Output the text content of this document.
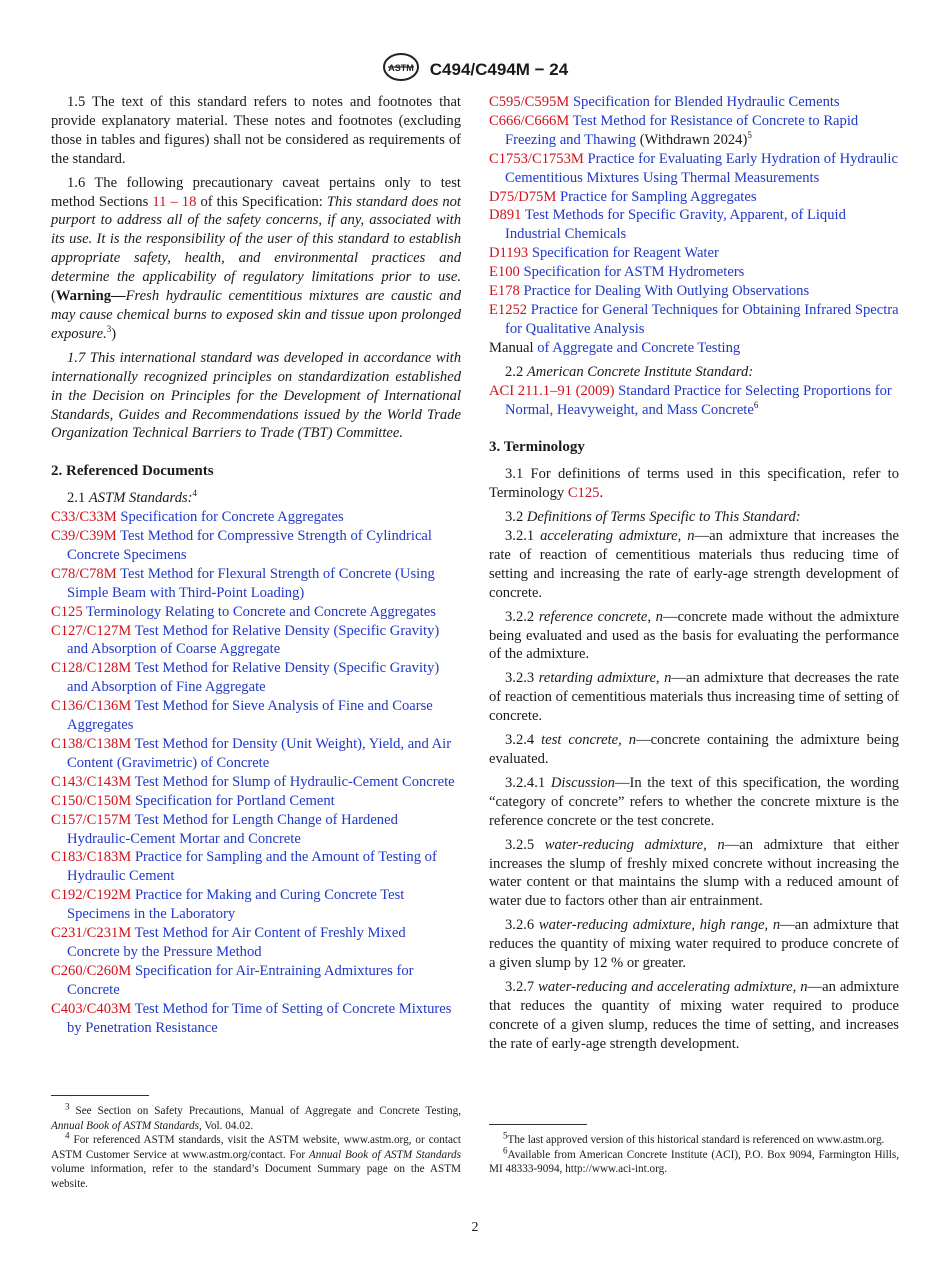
ASTM C494/C494M − 24

1.5 The text of this standard refers to notes and footnotes that provide explanatory material. These notes and footnotes (excluding those in tables and figures) shall not be considered as requirements of the standard.

1.6 The following precautionary caveat pertains only to test method Sections 11 – 18 of this Specification: This standard does not purport to address all of the safety concerns, if any, associated with its use. It is the responsibility of the user of this standard to establish appropriate safety, health, and environmental practices and determine the applicability of regulatory limitations prior to use. (Warning—Fresh hydraulic cementitious mixtures are caustic and may cause chemical burns to exposed skin and tissue upon prolonged exposure.$^3$)

1.7 This international standard was developed in accordance with internationally recognized principles on standardization established in the Decision on Principles for the Development of International Standards, Guides and Recommendations issued by the World Trade Organization Technical Barriers to Trade (TBT) Committee.

2. Referenced Documents

2.1 ASTM Standards:$^4$

C33/C33M Specification for Concrete Aggregates

C39/C39M Test Method for Compressive Strength of Cylindrical Concrete Specimens

C78/C78M Test Method for Flexural Strength of Concrete (Using Simple Beam with Third-Point Loading)

C125 Terminology Relating to Concrete and Concrete Aggregates

C127/C127M Test Method for Relative Density (Specific Gravity) and Absorption of Coarse Aggregate

C128/C128M Test Method for Relative Density (Specific Gravity) and Absorption of Fine Aggregate

C136/C136M Test Method for Sieve Analysis of Fine and Coarse Aggregates

C138/C138M Test Method for Density (Unit Weight), Yield, and Air Content (Gravimetric) of Concrete

C143/C143M Test Method for Slump of Hydraulic-Cement Concrete

C150/C150M Specification for Portland Cement

C157/C157M Test Method for Length Change of Hardened Hydraulic-Cement Mortar and Concrete

C183/C183M Practice for Sampling and the Amount of Testing of Hydraulic Cement

C192/C192M Practice for Making and Curing Concrete Test Specimens in the Laboratory

C231/C231M Test Method for Air Content of Freshly Mixed Concrete by the Pressure Method

C260/C260M Specification for Air-Entraining Admixtures for Concrete

C403/C403M Test Method for Time of Setting of Concrete Mixtures by Penetration Resistance

$^3$ See Section on Safety Precautions, Manual of Aggregate and Concrete Testing, Annual Book of ASTM Standards, Vol. 04.02.

$^4$ For referenced ASTM standards, visit the ASTM website, www.astm.org, or contact ASTM Customer Service at www.astm.org/contact. For Annual Book of ASTM Standards volume information, refer to the standard’s Document Summary page on the ASTM website.

C595/C595M Specification for Blended Hydraulic Cements

C666/C666M Test Method for Resistance of Concrete to Rapid Freezing and Thawing (Withdrawn 2024)$^5$

C1753/C1753M Practice for Evaluating Early Hydration of Hydraulic Cementitious Mixtures Using Thermal Measurements

D75/D75M Practice for Sampling Aggregates

D891 Test Methods for Specific Gravity, Apparent, of Liquid Industrial Chemicals

D1193 Specification for Reagent Water

E100 Specification for ASTM Hydrometers

E178 Practice for Dealing With Outlying Observations

E1252 Practice for General Techniques for Obtaining Infrared Spectra for Qualitative Analysis

Manual of Aggregate and Concrete Testing

2.2 American Concrete Institute Standard:

ACI 211.1–91 (2009) Standard Practice for Selecting Proportions for Normal, Heavyweight, and Mass Concrete$^6$

3. Terminology

3.1 For definitions of terms used in this specification, refer to Terminology C125.

3.2 Definitions of Terms Specific to This Standard:

3.2.1 accelerating admixture, n—an admixture that increases the rate of reaction of cementitious materials thus reducing time of setting and increasing the rate of early-age strength development of concrete.

3.2.2 reference concrete, n—concrete made without the admixture being evaluated and used as the basis for evaluating the performance of the admixture.

3.2.3 retarding admixture, n—an admixture that decreases the rate of reaction of cementitious materials thus increasing time of setting of concrete.

3.2.4 test concrete, n—concrete containing the admixture being evaluated.

3.2.4.1 Discussion—In the text of this specification, the wording “category of concrete” refers to whether the concrete mixture is the reference concrete or the test concrete.

3.2.5 water-reducing admixture, n—an admixture that either increases the slump of freshly mixed concrete without increasing the water content or that maintains the slump with a reduced amount of water due to factors other than air entrainment.

3.2.6 water-reducing admixture, high range, n—an admixture that reduces the quantity of mixing water required to produce concrete of a given slump by 12 % or greater.

3.2.7 water-reducing and accelerating admixture, n—an admixture that reduces the quantity of mixing water required to produce concrete of a given slump, reduces the time of setting, and increases the rate of early-age strength development.

$^5$The last approved version of this historical standard is referenced on www.astm.org.

$^6$Available from American Concrete Institute (ACI), P.O. Box 9094, Farmington Hills, MI 48333-9094, http://www.aci-int.org.

2
